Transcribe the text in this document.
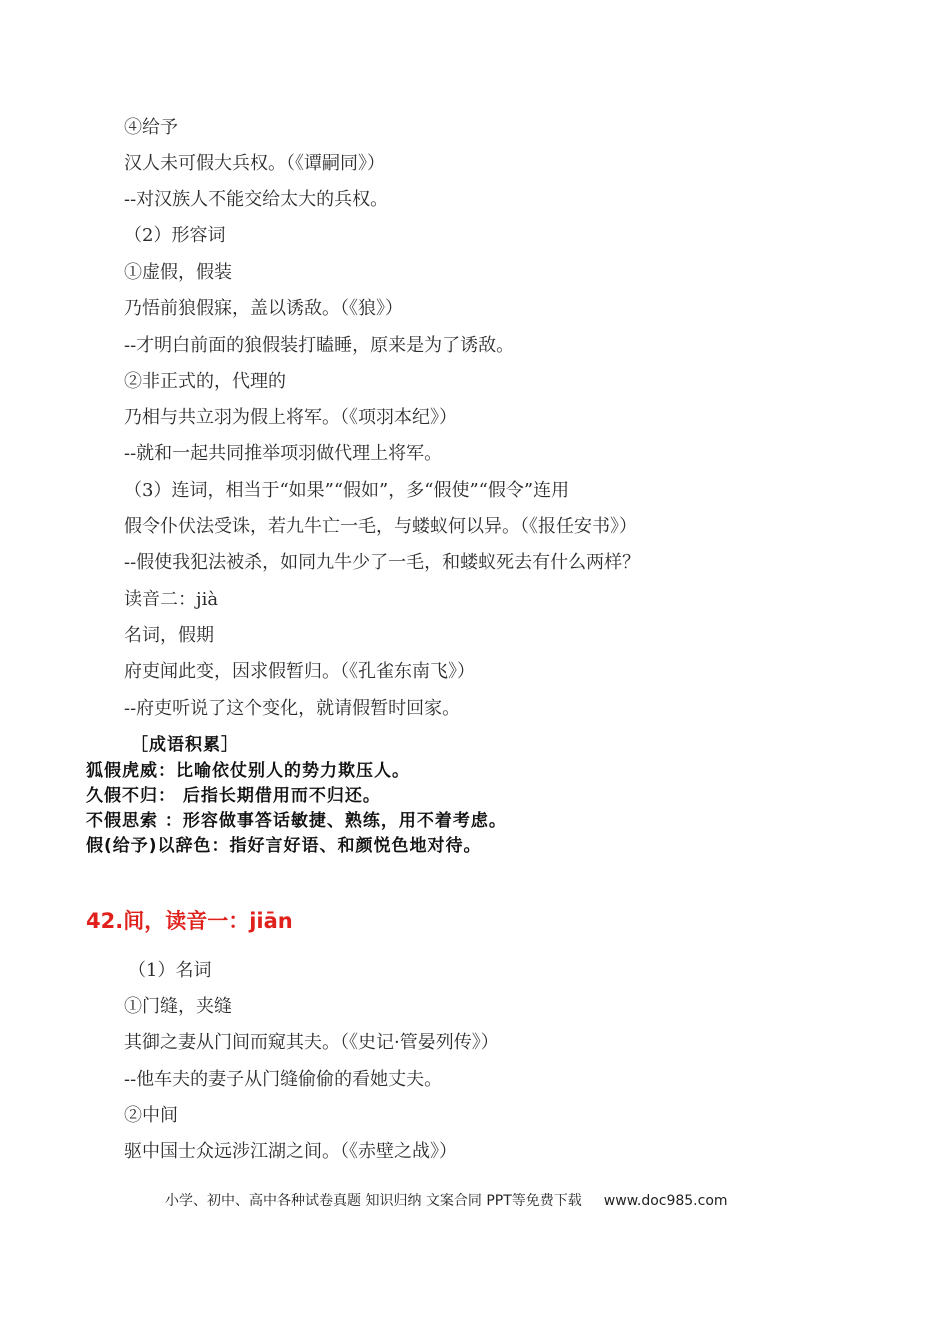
④给予
汉人未可假大兵权。（《谭嗣同》）
--对汉族人不能交给太大的兵权。
（2）形容词
①虚假，假装
乃悟前狼假寐，盖以诱敌。（《狼》）
--才明白前面的狼假装打瞌睡，原来是为了诱敌。
②非正式的，代理的
乃相与共立羽为假上将军。（《项羽本纪》）
--就和一起共同推举项羽做代理上将军。
（3）连词，相当于“如果”“假如”，多“假使”“假令”连用
假令仆伏法受诛，若九牛亡一毛，与蝼蚁何以异。（《报任安书》）
--假使我犯法被杀，如同九牛少了一毛，和蝼蚁死去有什么两样？
读音二：jià
名词，假期
府吏闻此变，因求假暂归。（《孔雀东南飞》）
--府吏听说了这个变化，就请假暂时回家。
［成语积累］
狐假虎威：比喻依仗别人的势力欺压人。
久假不归： 后指长期借用而不归还。
不假思索 ：形容做事答话敏捷、熟练，用不着考虑。
假(给予)以辞色：指好言好语、和颜悦色地对待。
42.间，读音一：jiān
（1）名词
①门缝，夹缝
其御之妻从门间而窥其夫。（《史记·管晏列传》）
--他车夫的妻子从门缝偷偷的看她丈夫。
②中间
驱中国士众远涉江湖之间。（《赤壁之战》）
小学、初中、高中各种试卷真题 知识归纳 文案合同 PPT等免费下载 www.doc985.com
